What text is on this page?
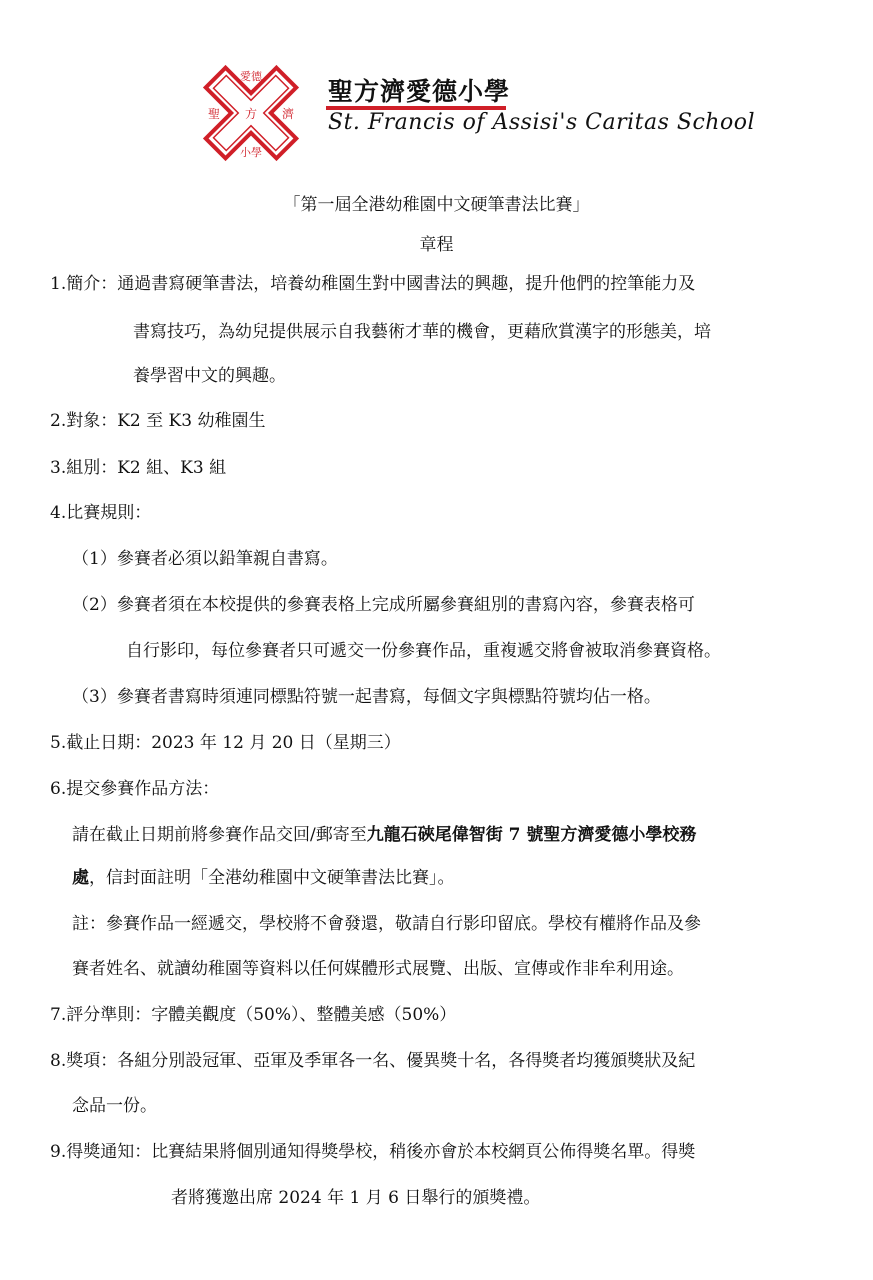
愛德
聖 方 濟
小學
聖方濟愛德小學
St. Francis of Assisi's Caritas School
「第一屆全港幼稚園中文硬筆書法比賽」
章程
1.簡介：通過書寫硬筆書法，培養幼稚園生對中國書法的興趣，提升他們的控筆能力及
書寫技巧，為幼兒提供展示自我藝術才華的機會，更藉欣賞漢字的形態美，培
養學習中文的興趣。
2.對象：K2 至 K3 幼稚園生
3.組別：K2 組、K3 組
4.比賽規則：
（1）參賽者必須以鉛筆親自書寫。
（2）參賽者須在本校提供的參賽表格上完成所屬參賽組別的書寫內容，參賽表格可
自行影印，每位參賽者只可遞交一份參賽作品，重複遞交將會被取消參賽資格。
（3）參賽者書寫時須連同標點符號一起書寫，每個文字與標點符號均佔一格。
5.截止日期：2023 年 12 月 20 日（星期三）
6.提交參賽作品方法：
請在截止日期前將參賽作品交回/郵寄至九龍石硤尾偉智街 7 號聖方濟愛德小學校務
處，信封面註明「全港幼稚園中文硬筆書法比賽」。
註：參賽作品一經遞交，學校將不會發還，敬請自行影印留底。學校有權將作品及參
賽者姓名、就讀幼稚園等資料以任何媒體形式展覽、出版、宣傳或作非牟利用途。
7.評分準則：字體美觀度（50%）、整體美感（50%）
8.獎項：各組分別設冠軍、亞軍及季軍各一名、優異獎十名，各得獎者均獲頒獎狀及紀
念品一份。
9.得獎通知：比賽結果將個別通知得獎學校，稍後亦會於本校網頁公佈得獎名單。得獎
者將獲邀出席 2024 年 1 月 6 日舉行的頒獎禮。
